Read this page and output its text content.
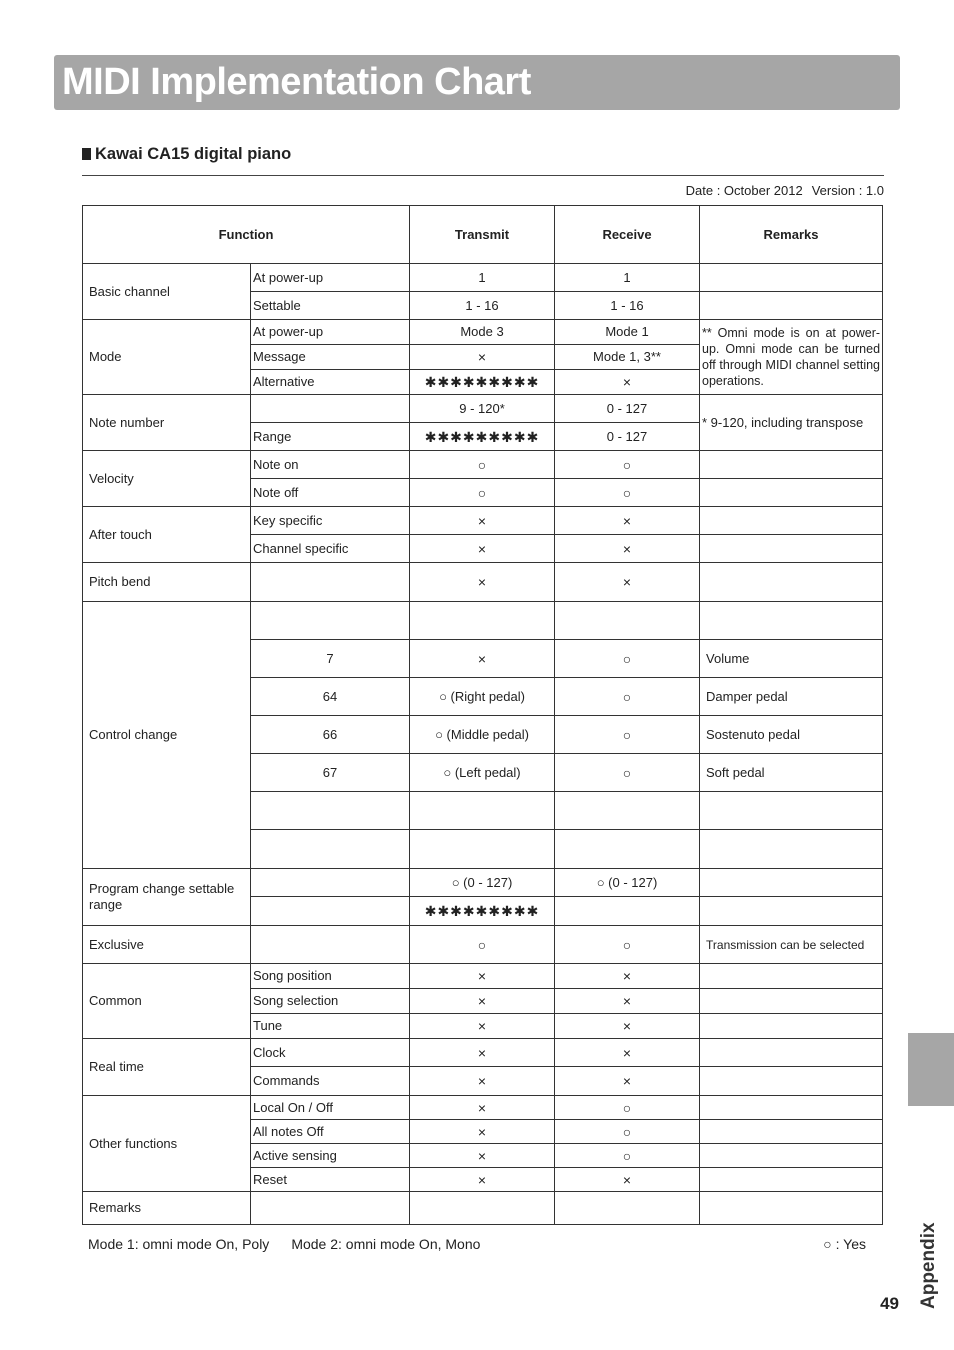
MIDI Implementation Chart
Kawai CA15 digital piano
Date : October 2012 Version : 1.0
Function		Transmit	Receive	Remarks
Basic channel	At power-up	1	1	
	Settable	1 - 16	1 - 16	
Mode	At power-up	Mode 3	Mode 1	** Omni mode is on at power-up. Omni mode can be turned off through MIDI channel setting operations.
	Message	×	Mode 1, 3**	
	Alternative	✱✱✱✱✱✱✱✱✱	×	
Note number		9 - 120*	0 - 127	* 9-120, including transpose
	Range	✱✱✱✱✱✱✱✱✱	0 - 127	
Velocity	Note on	○	○	
	Note off	○	○	
After touch	Key specific	×	×	
	Channel specific	×	×	
Pitch bend		×	×	
Control change				
	7	×	○	Volume
	64	○ (Right pedal)	○	Damper pedal
	66	○ (Middle pedal)	○	Sostenuto pedal
	67	○ (Left pedal)	○	Soft pedal

Program change settable range		○ (0 - 127)	○ (0 - 127)	
		✱✱✱✱✱✱✱✱✱		
Exclusive		○	○	Transmission can be selected
Common	Song position	×	×	
	Song selection	×	×	
	Tune	×	×	
Real time	Clock	×	×	
	Commands	×	×	
Other functions	Local On / Off	×	○	
	All notes Off	×	○	
	Active sensing	×	○	
	Reset	×	×	
Remarks				
Mode 1: omni mode On, Poly Mode 2: omni mode On, Mono	○ : Yes	Appendix
49
